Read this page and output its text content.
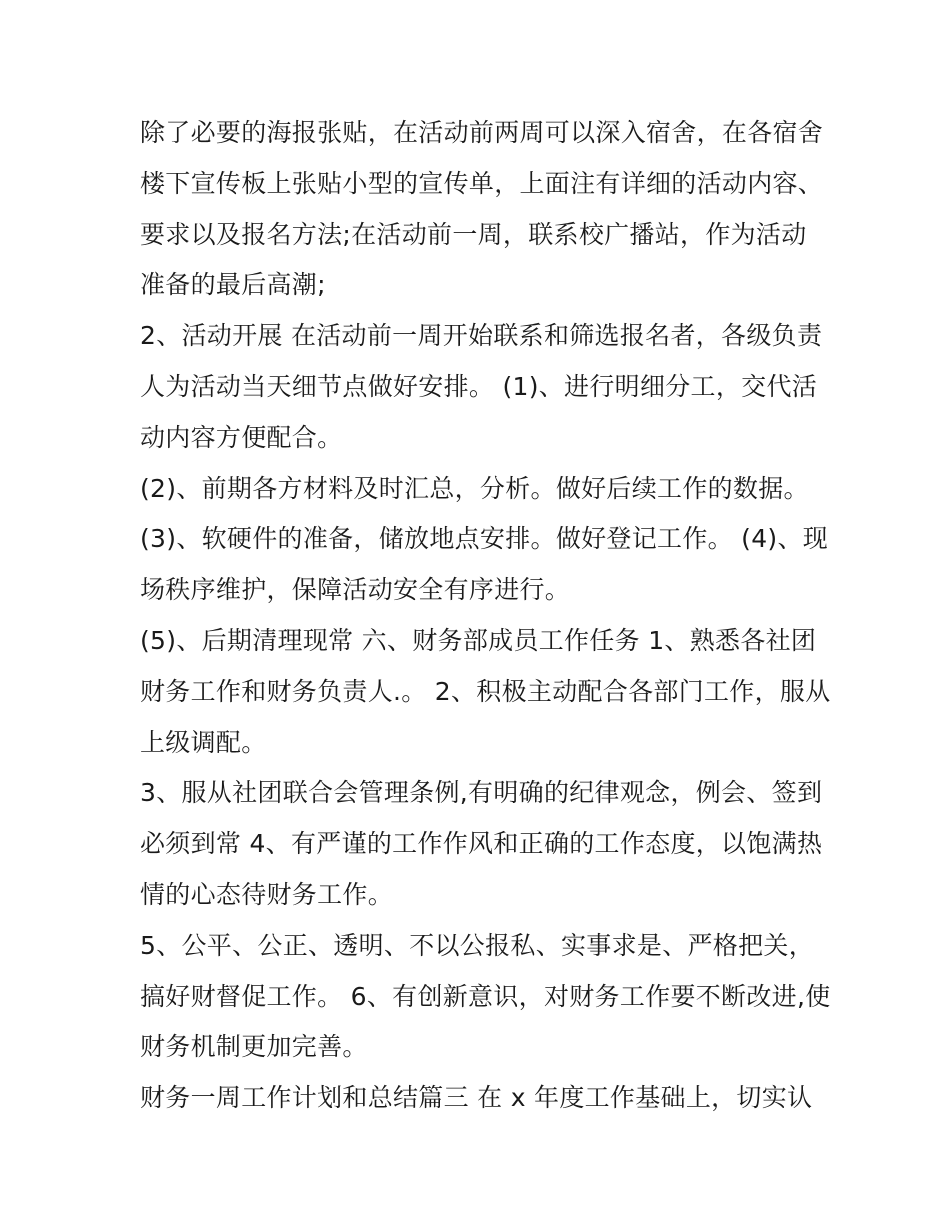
除了必要的海报张贴，在活动前两周可以深入宿舍，在各宿舍
楼下宣传板上张贴小型的宣传单，上面注有详细的活动内容、
要求以及报名方法;在活动前一周，联系校广播站，作为活动
准备的最后高潮;
2、活动开展 在活动前一周开始联系和筛选报名者，各级负责
人为活动当天细节点做好安排。 (1)、进行明细分工，交代活
动内容方便配合。
(2)、前期各方材料及时汇总，分析。做好后续工作的数据。
(3)、软硬件的准备，储放地点安排。做好登记工作。 (4)、现
场秩序维护，保障活动安全有序进行。
(5)、后期清理现常 六、财务部成员工作任务 1、熟悉各社团
财务工作和财务负责人.。 2、积极主动配合各部门工作，服从
上级调配。
3、服从社团联合会管理条例,有明确的纪律观念，例会、签到
必须到常 4、有严谨的工作作风和正确的工作态度，以饱满热
情的心态待财务工作。
5、公平、公正、透明、不以公报私、实事求是、严格把关，
搞好财督促工作。 6、有创新意识，对财务工作要不断改进,使
财务机制更加完善。
财务一周工作计划和总结篇三 在 x 年度工作基础上，切实认
